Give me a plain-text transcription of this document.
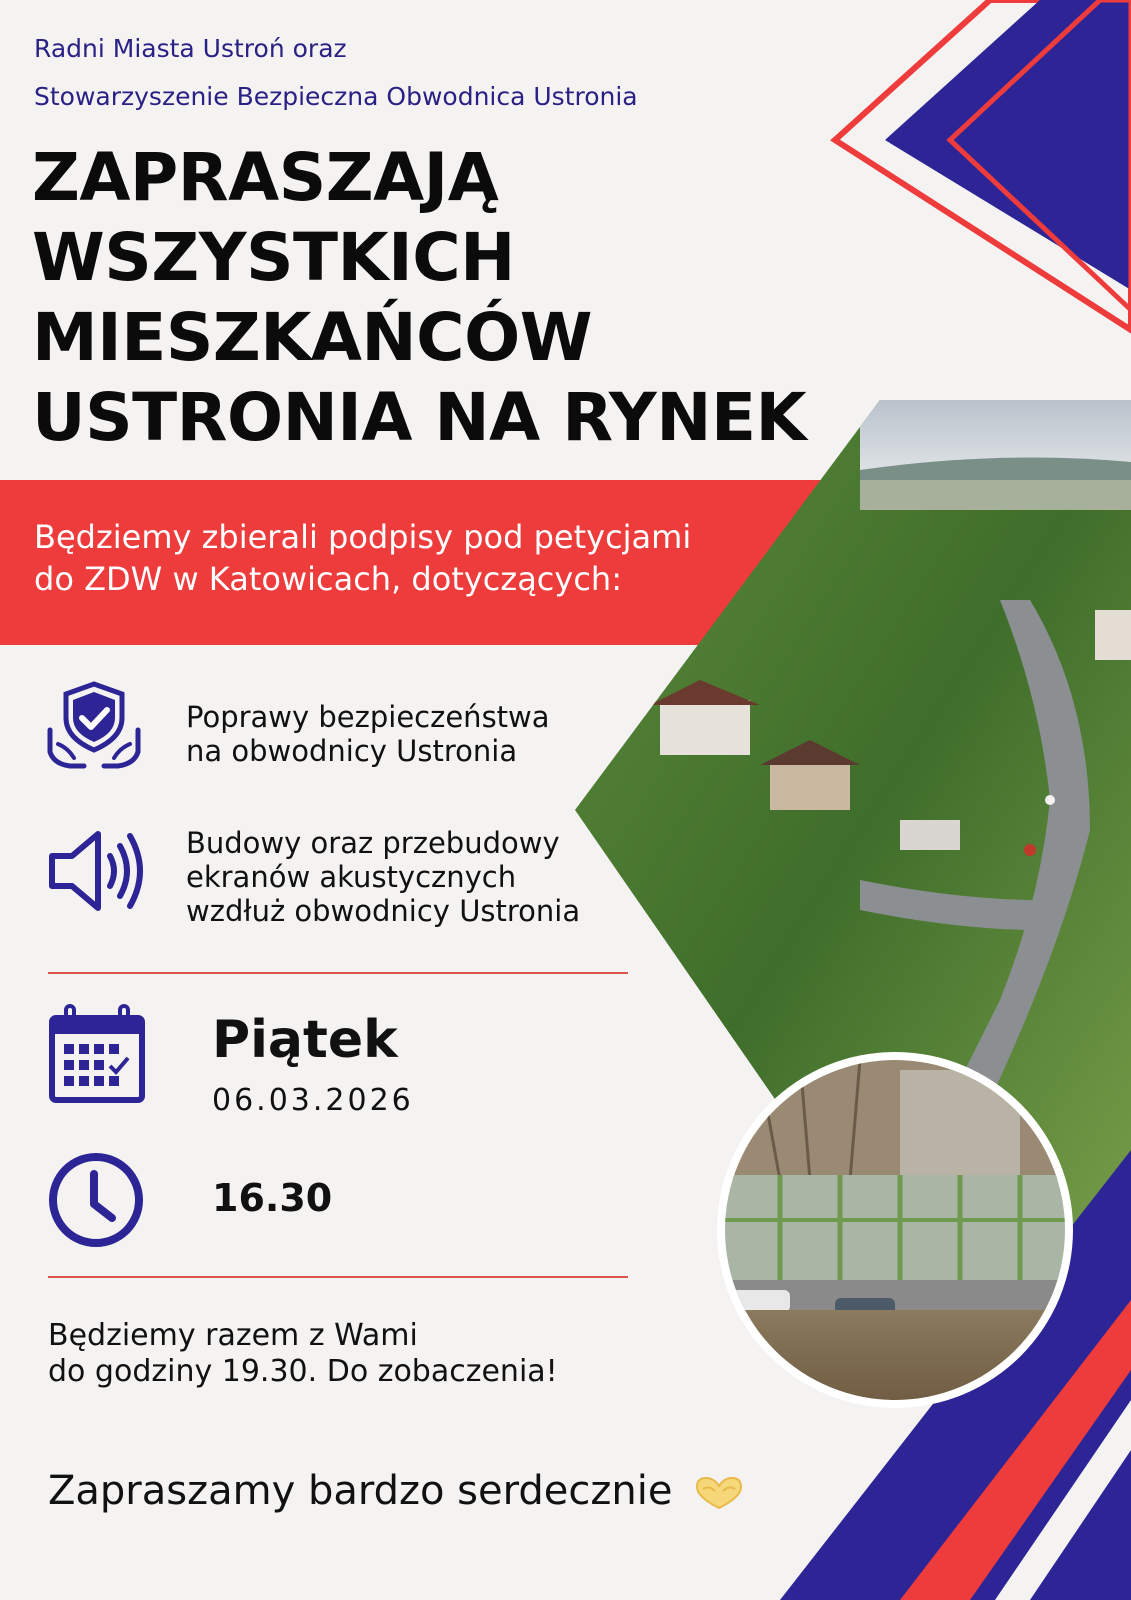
Radni Miasta Ustroń oraz
Stowarzyszenie Bezpieczna Obwodnica Ustronia
ZAPRASZAJĄ
WSZYSTKICH
MIESZKAŃCÓW
USTRONIA NA RYNEK
Będziemy zbierali podpisy pod petycjami
do ZDW w Katowicach, dotyczących:
Poprawy bezpieczeństwa
na obwodnicy Ustronia
Budowy oraz przebudowy
ekranów akustycznych
wzdłuż obwodnicy Ustronia
Piątek
06.03.2026
16.30
Będziemy razem z Wami
do godziny 19.30. Do zobaczenia!
Zapraszamy bardzo serdecznie
